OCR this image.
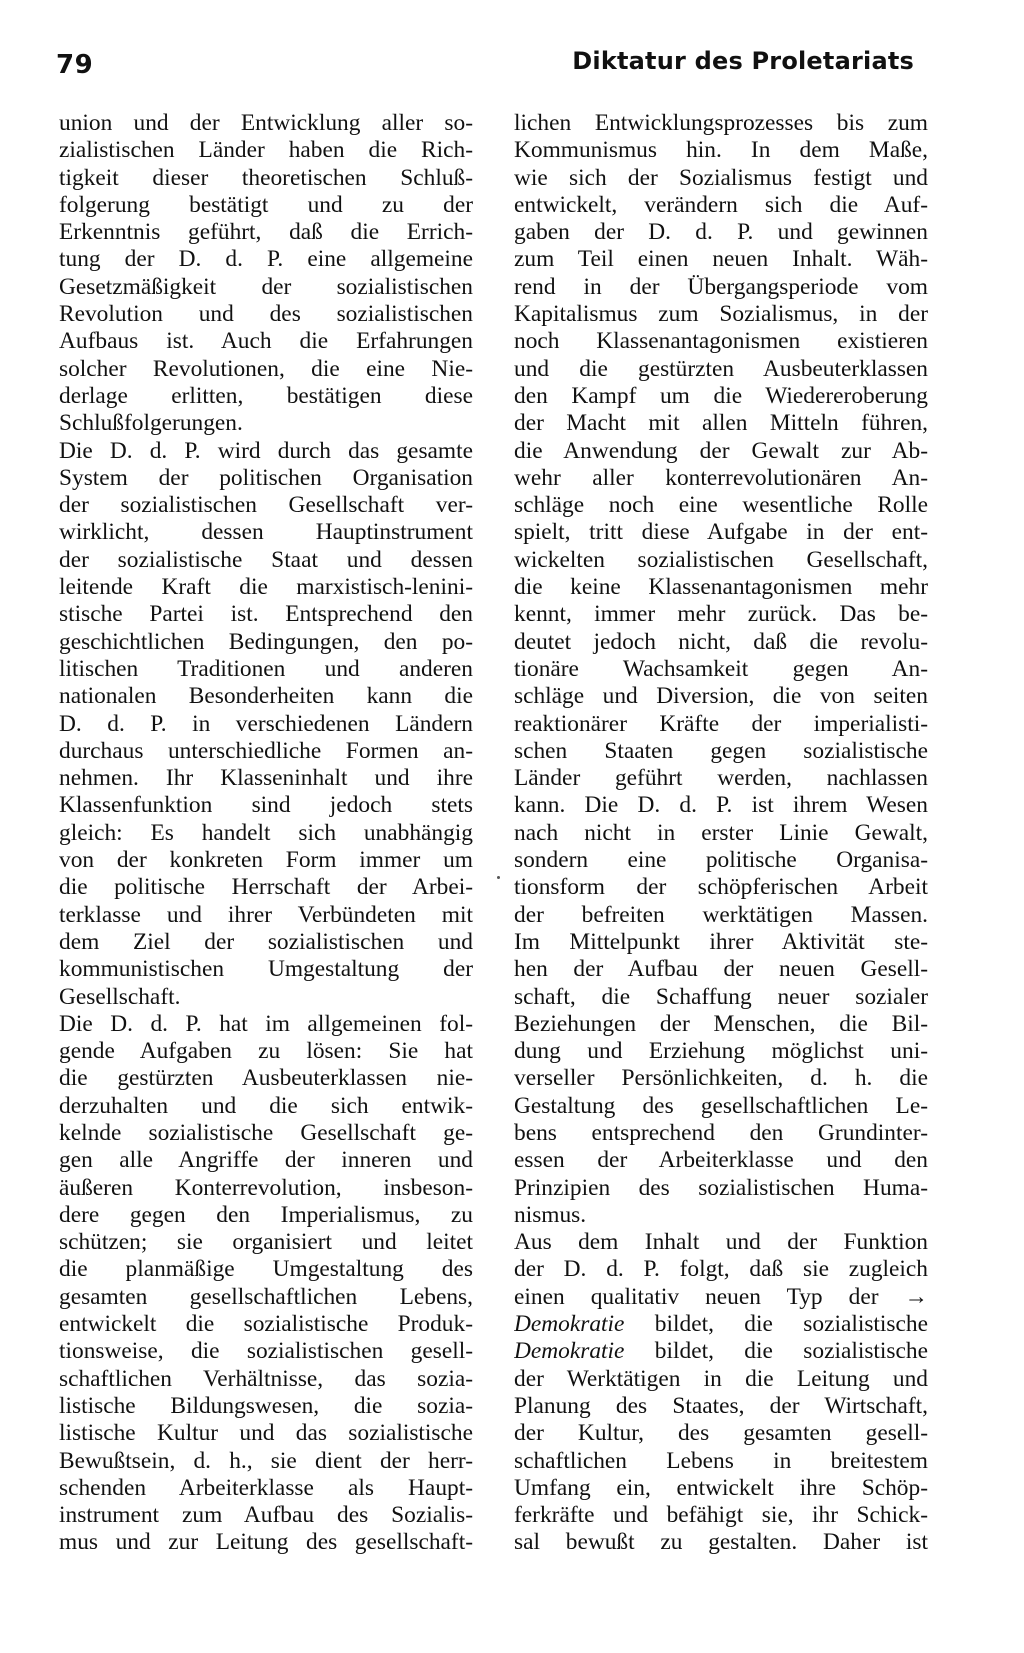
79	Diktatur des Proletariats
union und der Entwicklung aller so-
zialistischen Länder haben die Rich-
tigkeit dieser theoretischen Schluß-
folgerung bestätigt und zu der
Erkenntnis geführt, daß die Errich-
tung der D. d. P. eine allgemeine
Gesetzmäßigkeit der sozialistischen
Revolution und des sozialistischen
Aufbaus ist. Auch die Erfahrungen
solcher Revolutionen, die eine Nie-
derlage erlitten, bestätigen diese
Schlußfolgerungen.
Die D. d. P. wird durch das gesamte
System der politischen Organisation
der sozialistischen Gesellschaft ver-
wirklicht, dessen Hauptinstrument
der sozialistische Staat und dessen
leitende Kraft die marxistisch-lenini-
stische Partei ist. Entsprechend den
geschichtlichen Bedingungen, den po-
litischen Traditionen und anderen
nationalen Besonderheiten kann die
D. d. P. in verschiedenen Ländern
durchaus unterschiedliche Formen an-
nehmen. Ihr Klasseninhalt und ihre
Klassenfunktion sind jedoch stets
gleich: Es handelt sich unabhängig
von der konkreten Form immer um
die politische Herrschaft der Arbei-
terklasse und ihrer Verbündeten mit
dem Ziel der sozialistischen und
kommunistischen Umgestaltung der
Gesellschaft.
Die D. d. P. hat im allgemeinen fol-
gende Aufgaben zu lösen: Sie hat
die gestürzten Ausbeuterklassen nie-
derzuhalten und die sich entwik-
kelnde sozialistische Gesellschaft ge-
gen alle Angriffe der inneren und
äußeren Konterrevolution, insbeson-
dere gegen den Imperialismus, zu
schützen; sie organisiert und leitet
die planmäßige Umgestaltung des
gesamten gesellschaftlichen Lebens,
entwickelt die sozialistische Produk-
tionsweise, die sozialistischen gesell-
schaftlichen Verhältnisse, das sozia-
listische Bildungswesen, die sozia-
listische Kultur und das sozialistische
Bewußtsein, d. h., sie dient der herr-
schenden Arbeiterklasse als Haupt-
instrument zum Aufbau des Sozialis-
mus und zur Leitung des gesellschaft-
lichen Entwicklungsprozesses bis zum
Kommunismus hin. In dem Maße,
wie sich der Sozialismus festigt und
entwickelt, verändern sich die Auf-
gaben der D. d. P. und gewinnen
zum Teil einen neuen Inhalt. Wäh-
rend in der Übergangsperiode vom
Kapitalismus zum Sozialismus, in der
noch Klassenantagonismen existieren
und die gestürzten Ausbeuterklassen
den Kampf um die Wiedereroberung
der Macht mit allen Mitteln führen,
die Anwendung der Gewalt zur Ab-
wehr aller konterrevolutionären An-
schläge noch eine wesentliche Rolle
spielt, tritt diese Aufgabe in der ent-
wickelten sozialistischen Gesellschaft,
die keine Klassenantagonismen mehr
kennt, immer mehr zurück. Das be-
deutet jedoch nicht, daß die revolu-
tionäre Wachsamkeit gegen An-
schläge und Diversion, die von seiten
reaktionärer Kräfte der imperialisti-
schen Staaten gegen sozialistische
Länder geführt werden, nachlassen
kann. Die D. d. P. ist ihrem Wesen
nach nicht in erster Linie Gewalt,
sondern eine politische Organisa-
tionsform der schöpferischen Arbeit
der befreiten werktätigen Massen.
Im Mittelpunkt ihrer Aktivität ste-
hen der Aufbau der neuen Gesell-
schaft, die Schaffung neuer sozialer
Beziehungen der Menschen, die Bil-
dung und Erziehung möglichst uni-
verseller Persönlichkeiten, d. h. die
Gestaltung des gesellschaftlichen Le-
bens entsprechend den Grundinter-
essen der Arbeiterklasse und den
Prinzipien des sozialistischen Huma-
nismus.
Aus dem Inhalt und der Funktion
der D. d. P. folgt, daß sie zugleich
einen qualitativ neuen Typ der →
Demokratie bildet, die sozialistische
Demokratie bildet, die sozialistische
der Werktätigen in die Leitung und
Planung des Staates, der Wirtschaft,
der Kultur, des gesamten gesell-
schaftlichen Lebens in breitestem
Umfang ein, entwickelt ihre Schöp-
ferkräfte und befähigt sie, ihr Schick-
sal bewußt zu gestalten. Daher ist
